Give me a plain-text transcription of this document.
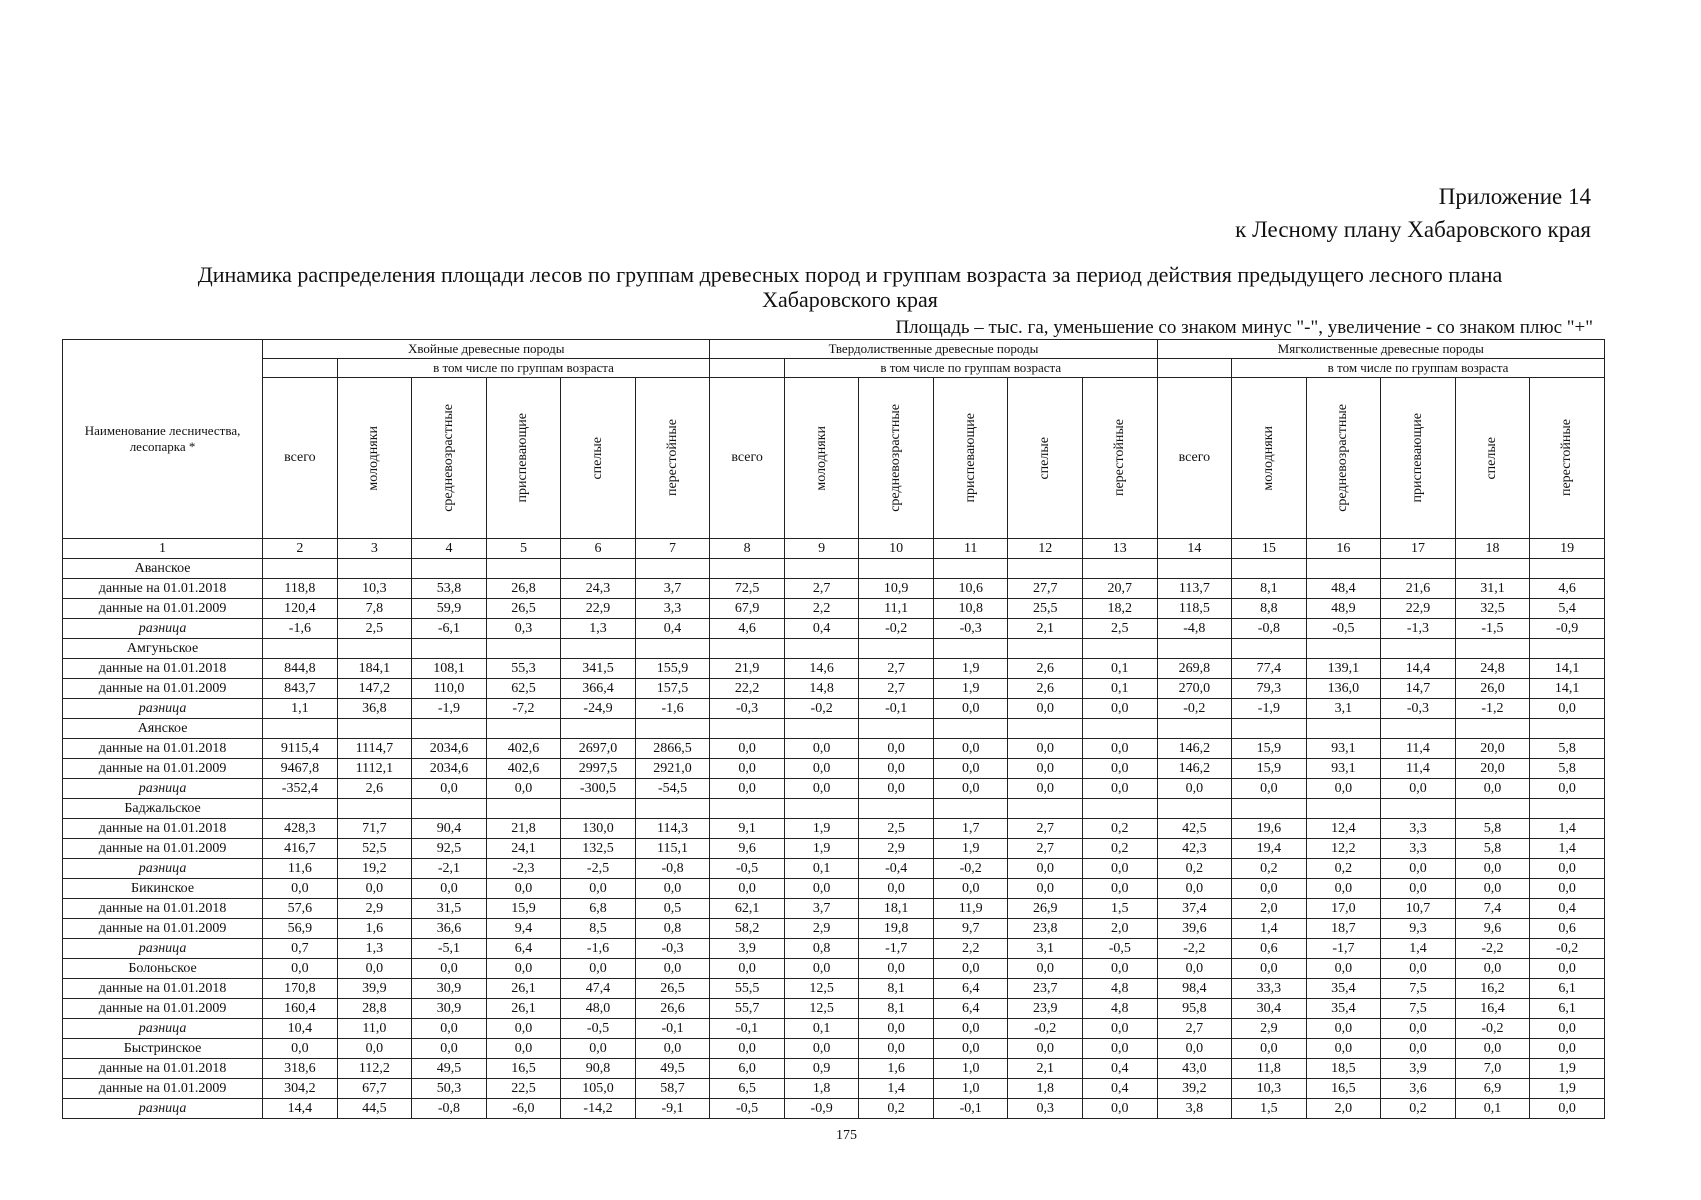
Приложение 14
к Лесному плану Хабаровского края
Динамика распределения площади лесов по группам древесных пород и группам возраста за период действия предыдущего лесного плана
Хабаровского края
Площадь – тыс. га, уменьшение со знаком минус "-", увеличение - со знаком плюс "+"
Наименование лесничества, лесопарка *	Хвойные древесные породы						Твердолиственные древесные породы						Мягколиственные древесные породы					
		в том числе по группам возраста						в том числе по группам возраста						в том числе по группам возраста				
	всего	молодняки	средневозрастные	приспевающие	спелые	перестойные	всего	молодняки	средневозрастные	приспевающие	спелые	перестойные	всего	молодняки	средневозрастные	приспевающие	спелые	перестойные

1	2	3	4	5	6	7	8	9	10	11	12	13	14	15	16	17	18	19
Аванское																		
данные на 01.01.2018	118,8	10,3	53,8	26,8	24,3	3,7	72,5	2,7	10,9	10,6	27,7	20,7	113,7	8,1	48,4	21,6	31,1	4,6
данные на 01.01.2009	120,4	7,8	59,9	26,5	22,9	3,3	67,9	2,2	11,1	10,8	25,5	18,2	118,5	8,8	48,9	22,9	32,5	5,4
разница	-1,6	2,5	-6,1	0,3	1,3	0,4	4,6	0,4	-0,2	-0,3	2,1	2,5	-4,8	-0,8	-0,5	-1,3	-1,5	-0,9
Амгуньское																		
данные на 01.01.2018	844,8	184,1	108,1	55,3	341,5	155,9	21,9	14,6	2,7	1,9	2,6	0,1	269,8	77,4	139,1	14,4	24,8	14,1
данные на 01.01.2009	843,7	147,2	110,0	62,5	366,4	157,5	22,2	14,8	2,7	1,9	2,6	0,1	270,0	79,3	136,0	14,7	26,0	14,1
разница	1,1	36,8	-1,9	-7,2	-24,9	-1,6	-0,3	-0,2	-0,1	0,0	0,0	0,0	-0,2	-1,9	3,1	-0,3	-1,2	0,0
Аянское																		
данные на 01.01.2018	9115,4	1114,7	2034,6	402,6	2697,0	2866,5	0,0	0,0	0,0	0,0	0,0	0,0	146,2	15,9	93,1	11,4	20,0	5,8
данные на 01.01.2009	9467,8	1112,1	2034,6	402,6	2997,5	2921,0	0,0	0,0	0,0	0,0	0,0	0,0	146,2	15,9	93,1	11,4	20,0	5,8
разница	-352,4	2,6	0,0	0,0	-300,5	-54,5	0,0	0,0	0,0	0,0	0,0	0,0	0,0	0,0	0,0	0,0	0,0	0,0
Баджальское																		
данные на 01.01.2018	428,3	71,7	90,4	21,8	130,0	114,3	9,1	1,9	2,5	1,7	2,7	0,2	42,5	19,6	12,4	3,3	5,8	1,4
данные на 01.01.2009	416,7	52,5	92,5	24,1	132,5	115,1	9,6	1,9	2,9	1,9	2,7	0,2	42,3	19,4	12,2	3,3	5,8	1,4
разница	11,6	19,2	-2,1	-2,3	-2,5	-0,8	-0,5	0,1	-0,4	-0,2	0,0	0,0	0,2	0,2	0,2	0,0	0,0	0,0
Бикинское	0,0	0,0	0,0	0,0	0,0	0,0	0,0	0,0	0,0	0,0	0,0	0,0	0,0	0,0	0,0	0,0	0,0	0,0
данные на 01.01.2018	57,6	2,9	31,5	15,9	6,8	0,5	62,1	3,7	18,1	11,9	26,9	1,5	37,4	2,0	17,0	10,7	7,4	0,4
данные на 01.01.2009	56,9	1,6	36,6	9,4	8,5	0,8	58,2	2,9	19,8	9,7	23,8	2,0	39,6	1,4	18,7	9,3	9,6	0,6
разница	0,7	1,3	-5,1	6,4	-1,6	-0,3	3,9	0,8	-1,7	2,2	3,1	-0,5	-2,2	0,6	-1,7	1,4	-2,2	-0,2
Болоньское	0,0	0,0	0,0	0,0	0,0	0,0	0,0	0,0	0,0	0,0	0,0	0,0	0,0	0,0	0,0	0,0	0,0	0,0
данные на 01.01.2018	170,8	39,9	30,9	26,1	47,4	26,5	55,5	12,5	8,1	6,4	23,7	4,8	98,4	33,3	35,4	7,5	16,2	6,1
данные на 01.01.2009	160,4	28,8	30,9	26,1	48,0	26,6	55,7	12,5	8,1	6,4	23,9	4,8	95,8	30,4	35,4	7,5	16,4	6,1
разница	10,4	11,0	0,0	0,0	-0,5	-0,1	-0,1	0,1	0,0	0,0	-0,2	0,0	2,7	2,9	0,0	0,0	-0,2	0,0
Быстринское	0,0	0,0	0,0	0,0	0,0	0,0	0,0	0,0	0,0	0,0	0,0	0,0	0,0	0,0	0,0	0,0	0,0	0,0
данные на 01.01.2018	318,6	112,2	49,5	16,5	90,8	49,5	6,0	0,9	1,6	1,0	2,1	0,4	43,0	11,8	18,5	3,9	7,0	1,9
данные на 01.01.2009	304,2	67,7	50,3	22,5	105,0	58,7	6,5	1,8	1,4	1,0	1,8	0,4	39,2	10,3	16,5	3,6	6,9	1,9
разница	14,4	44,5	-0,8	-6,0	-14,2	-9,1	-0,5	-0,9	0,2	-0,1	0,3	0,0	3,8	1,5	2,0	0,2	0,1	0,0
175
